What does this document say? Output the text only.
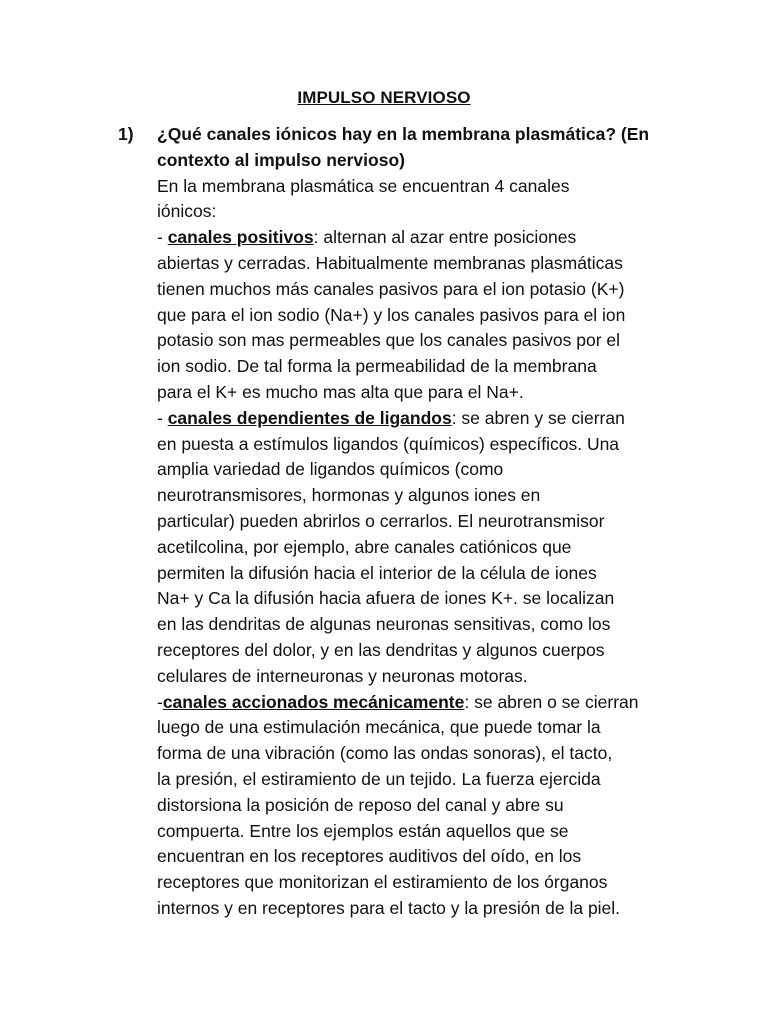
IMPULSO NERVIOSO
1) ¿Qué canales iónicos hay en la membrana plasmática? (En
contexto al impulso nervioso)
En la membrana plasmática se encuentran 4 canales
iónicos:
- canales positivos: alternan al azar entre posiciones
abiertas y cerradas. Habitualmente membranas plasmáticas
tienen muchos más canales pasivos para el ion potasio (K+)
que para el ion sodio (Na+) y los canales pasivos para el ion
potasio son mas permeables que los canales pasivos por el
ion sodio. De tal forma la permeabilidad de la membrana
para el K+ es mucho mas alta que para el Na+.
- canales dependientes de ligandos: se abren y se cierran
en puesta a estímulos ligandos (químicos) específicos. Una
amplia variedad de ligandos químicos (como
neurotransmisores, hormonas y algunos iones en
particular) pueden abrirlos o cerrarlos. El neurotransmisor
acetilcolina, por ejemplo, abre canales catiónicos que
permiten la difusión hacia el interior de la célula de iones
Na+ y Ca la difusión hacia afuera de iones K+. se localizan
en las dendritas de algunas neuronas sensitivas, como los
receptores del dolor, y en las dendritas y algunos cuerpos
celulares de interneuronas y neuronas motoras.
-canales accionados mecánicamente: se abren o se cierran
luego de una estimulación mecánica, que puede tomar la
forma de una vibración (como las ondas sonoras), el tacto,
la presión, el estiramiento de un tejido. La fuerza ejercida
distorsiona la posición de reposo del canal y abre su
compuerta. Entre los ejemplos están aquellos que se
encuentran en los receptores auditivos del oído, en los
receptores que monitorizan el estiramiento de los órganos
internos y en receptores para el tacto y la presión de la piel.
